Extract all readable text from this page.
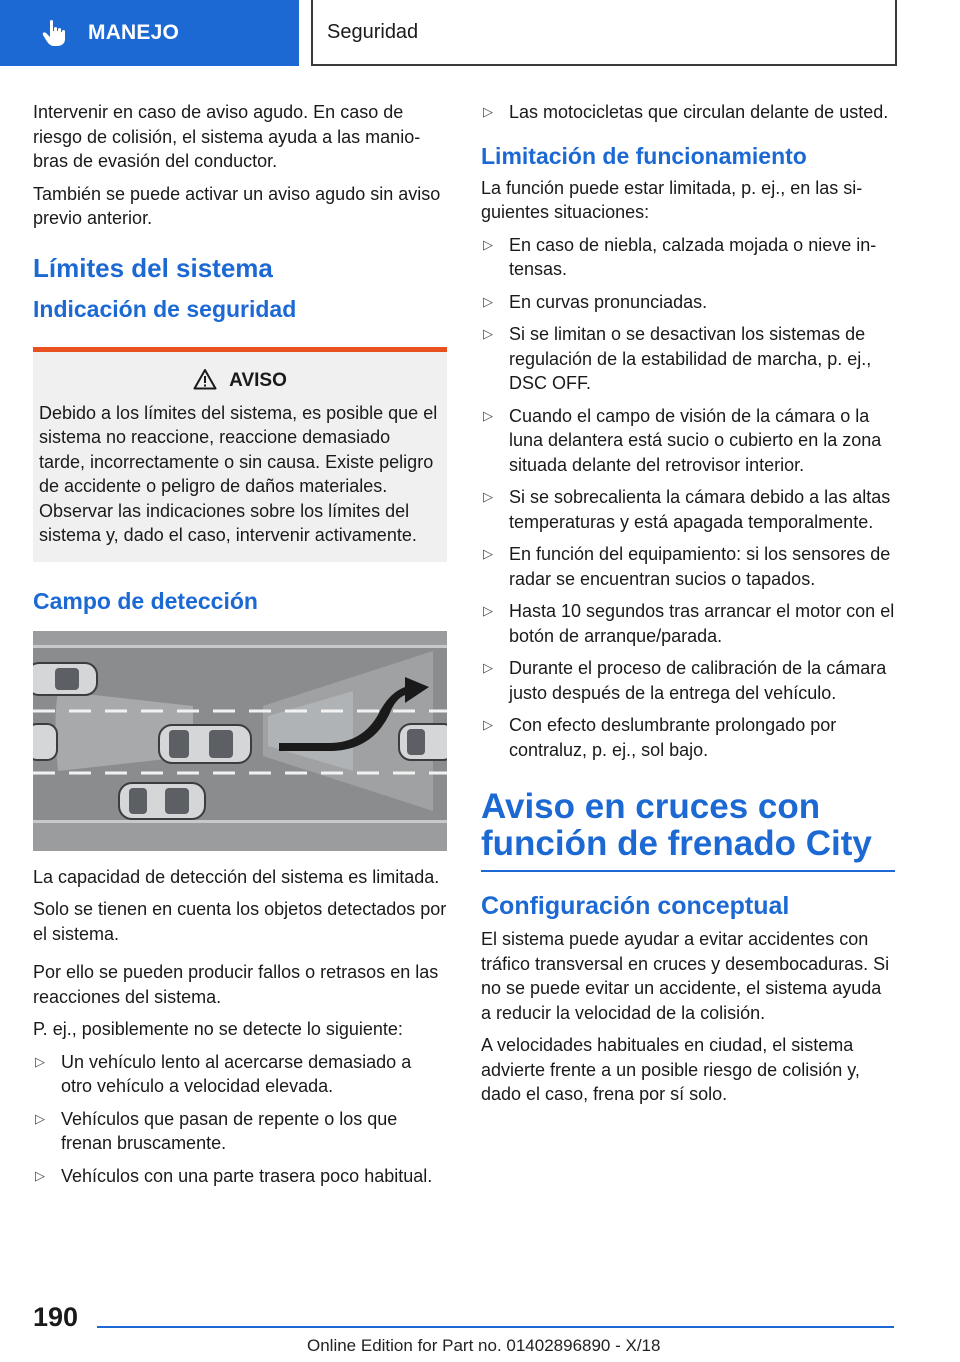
MANEJO	Seguridad

Intervenir en caso de aviso agudo. En caso de riesgo de colisión, el sistema ayuda a las maniobras de evasión del conductor.

También se puede activar un aviso agudo sin aviso previo anterior.

Límites del sistema
Indicación de seguridad
AVISO

Debido a los límites del sistema, es posible que el sistema no reaccione, reaccione demasiado tarde, incorrectamente o sin causa. Existe peligro de accidente o peligro de daños materiales. Observar las indicaciones sobre los límites del sistema y, dado el caso, intervenir activamente.

Campo de detección

La capacidad de detección del sistema es limitada.

Solo se tienen en cuenta los objetos detectados por el sistema.

Por ello se pueden producir fallos o retrasos en las reacciones del sistema.

P. ej., posiblemente no se detecte lo siguiente:

▷ Un vehículo lento al acercarse demasiado a otro vehículo a velocidad elevada.
▷ Vehículos que pasan de repente o los que frenan bruscamente.
▷ Vehículos con una parte trasera poco habitual.
▷ Las motocicletas que circulan delante de usted.
Limitación de funcionamiento

La función puede estar limitada, p. ej., en las siguientes situaciones:

▷ En caso de niebla, calzada mojada o nieve intensas.
▷ En curvas pronunciadas.
▷ Si se limitan o se desactivan los sistemas de regulación de la estabilidad de marcha, p. ej., DSC OFF.
▷ Cuando el campo de visión de la cámara o la luna delantera está sucio o cubierto en la zona situada delante del retrovisor interior.
▷ Si se sobrecalienta la cámara debido a las altas temperaturas y está apagada temporalmente.
▷ En función del equipamiento: si los sensores de radar se encuentran sucios o tapados.
▷ Hasta 10 segundos tras arrancar el motor con el botón de arranque/parada.
▷ Durante el proceso de calibración de la cámara justo después de la entrega del vehículo.
▷ Con efecto deslumbrante prolongado por contraluz, p. ej., sol bajo.
Aviso en cruces con función de frenado City
Configuración conceptual

El sistema puede ayudar a evitar accidentes con tráfico transversal en cruces y desembocaduras. Si no se puede evitar un accidente, el sistema ayuda a reducir la velocidad de la colisión.

A velocidades habituales en ciudad, el sistema advierte frente a un posible riesgo de colisión y, dado el caso, frena por sí solo.

190
Online Edition for Part no. 01402896890 - X/18
